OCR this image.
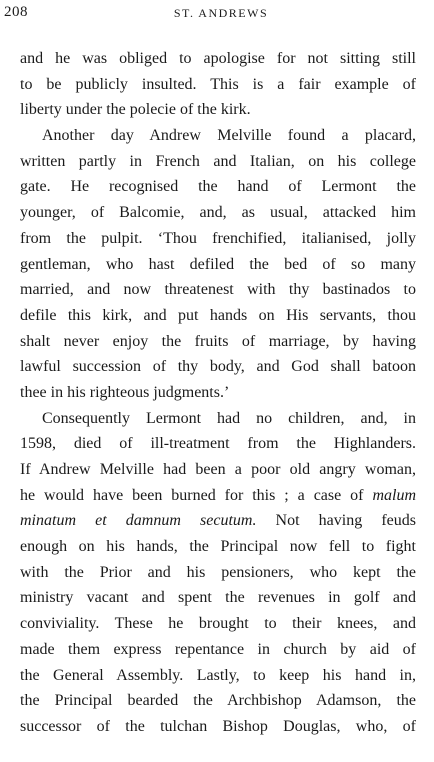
208	ST. ANDREWS
and he was obliged to apologise for not sitting still
to be publicly insulted. This is a fair example of
liberty under the polecie of the kirk.
Another day Andrew Melville found a placard,
written partly in French and Italian, on his college
gate. He recognised the hand of Lermont the
younger, of Balcomie, and, as usual, attacked him
from the pulpit. ‘Thou frenchified, italianised, jolly
gentleman, who hast defiled the bed of so many
married, and now threatenest with thy bastinados to
defile this kirk, and put hands on His servants, thou
shalt never enjoy the fruits of marriage, by having
lawful succession of thy body, and God shall batoon
thee in his righteous judgments.’
Consequently Lermont had no children, and, in
1598, died of ill-treatment from the Highlanders.
If Andrew Melville had been a poor old angry woman,
he would have been burned for this ; a case of malum
minatum et damnum secutum. Not having feuds
enough on his hands, the Principal now fell to fight
with the Prior and his pensioners, who kept the
ministry vacant and spent the revenues in golf and
conviviality. These he brought to their knees, and
made them express repentance in church by aid of
the General Assembly. Lastly, to keep his hand in,
the Principal bearded the Archbishop Adamson, the
successor of the tulchan Bishop Douglas, who, of
